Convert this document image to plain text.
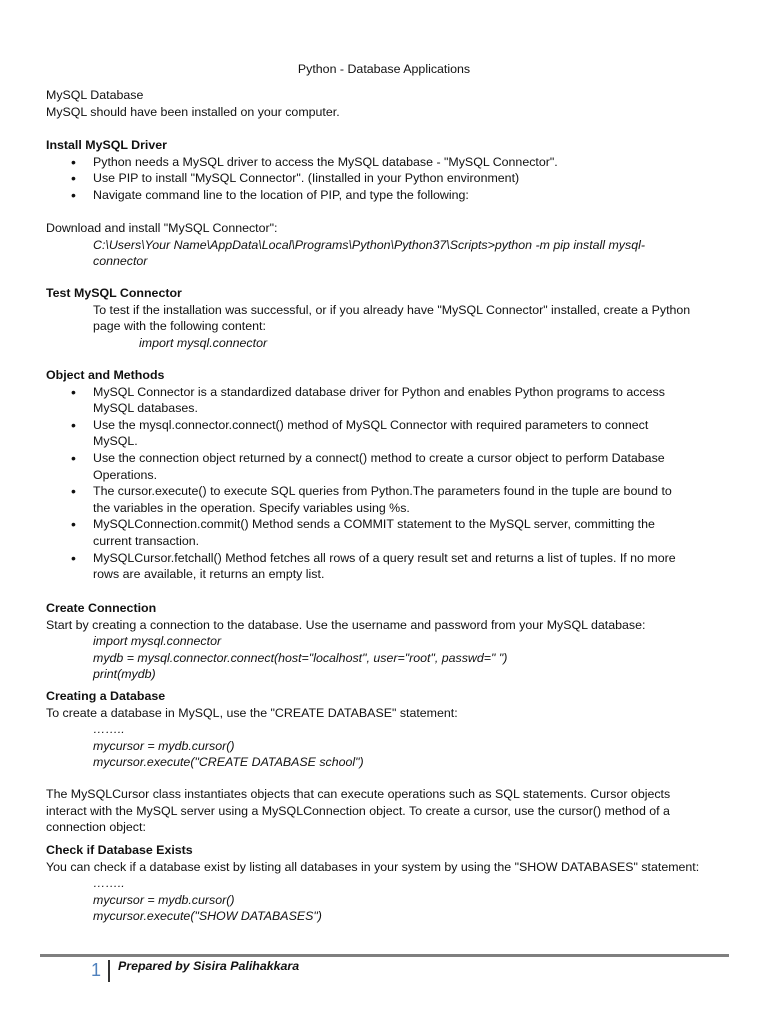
Python - Database Applications

MySQL Database

MySQL should have been installed on your computer.

Install MySQL Driver

• Python needs a MySQL driver to access the MySQL database - "MySQL Connector".
• Use PIP to install "MySQL Connector". (Iinstalled in your Python environment)
• Navigate command line to the location of PIP, and type the following:

Download and install "MySQL Connector":

C:\Users\Your Name\AppData\Local\Programs\Python\Python37\Scripts>python -m pip install mysql-

connector

Test MySQL Connector

To test if the installation was successful, or if you already have "MySQL Connector" installed, create a Python

page with the following content:

import mysql.connector

Object and Methods

• MySQL Connector is a standardized database driver for Python and enables Python programs to access
MySQL databases.
• Use the mysql.connector.connect() method of MySQL Connector with required parameters to connect
MySQL.
• Use the connection object returned by a connect() method to create a cursor object to perform Database
Operations.
• The cursor.execute() to execute SQL queries from Python.The parameters found in the tuple are bound to
the variables in the operation. Specify variables using %s.
• MySQLConnection.commit() Method sends a COMMIT statement to the MySQL server, committing the
current transaction.
• MySQLCursor.fetchall() Method fetches all rows of a query result set and returns a list of tuples. If no more
rows are available, it returns an empty list.

Create Connection

Start by creating a connection to the database. Use the username and password from your MySQL database:

import mysql.connector

mydb = mysql.connector.connect(host="localhost", user="root", passwd=" ")

print(mydb)

Creating a Database

To create a database in MySQL, use the "CREATE DATABASE" statement:

……..

mycursor = mydb.cursor()

mycursor.execute("CREATE DATABASE school")

The MySQLCursor class instantiates objects that can execute operations such as SQL statements. Cursor objects

interact with the MySQL server using a MySQLConnection object. To create a cursor, use the cursor() method of a

connection object:

Check if Database Exists

You can check if a database exist by listing all databases in your system by using the "SHOW DATABASES" statement:

……..

mycursor = mydb.cursor()

mycursor.execute("SHOW DATABASES")

1 Prepared by Sisira Palihakkara
